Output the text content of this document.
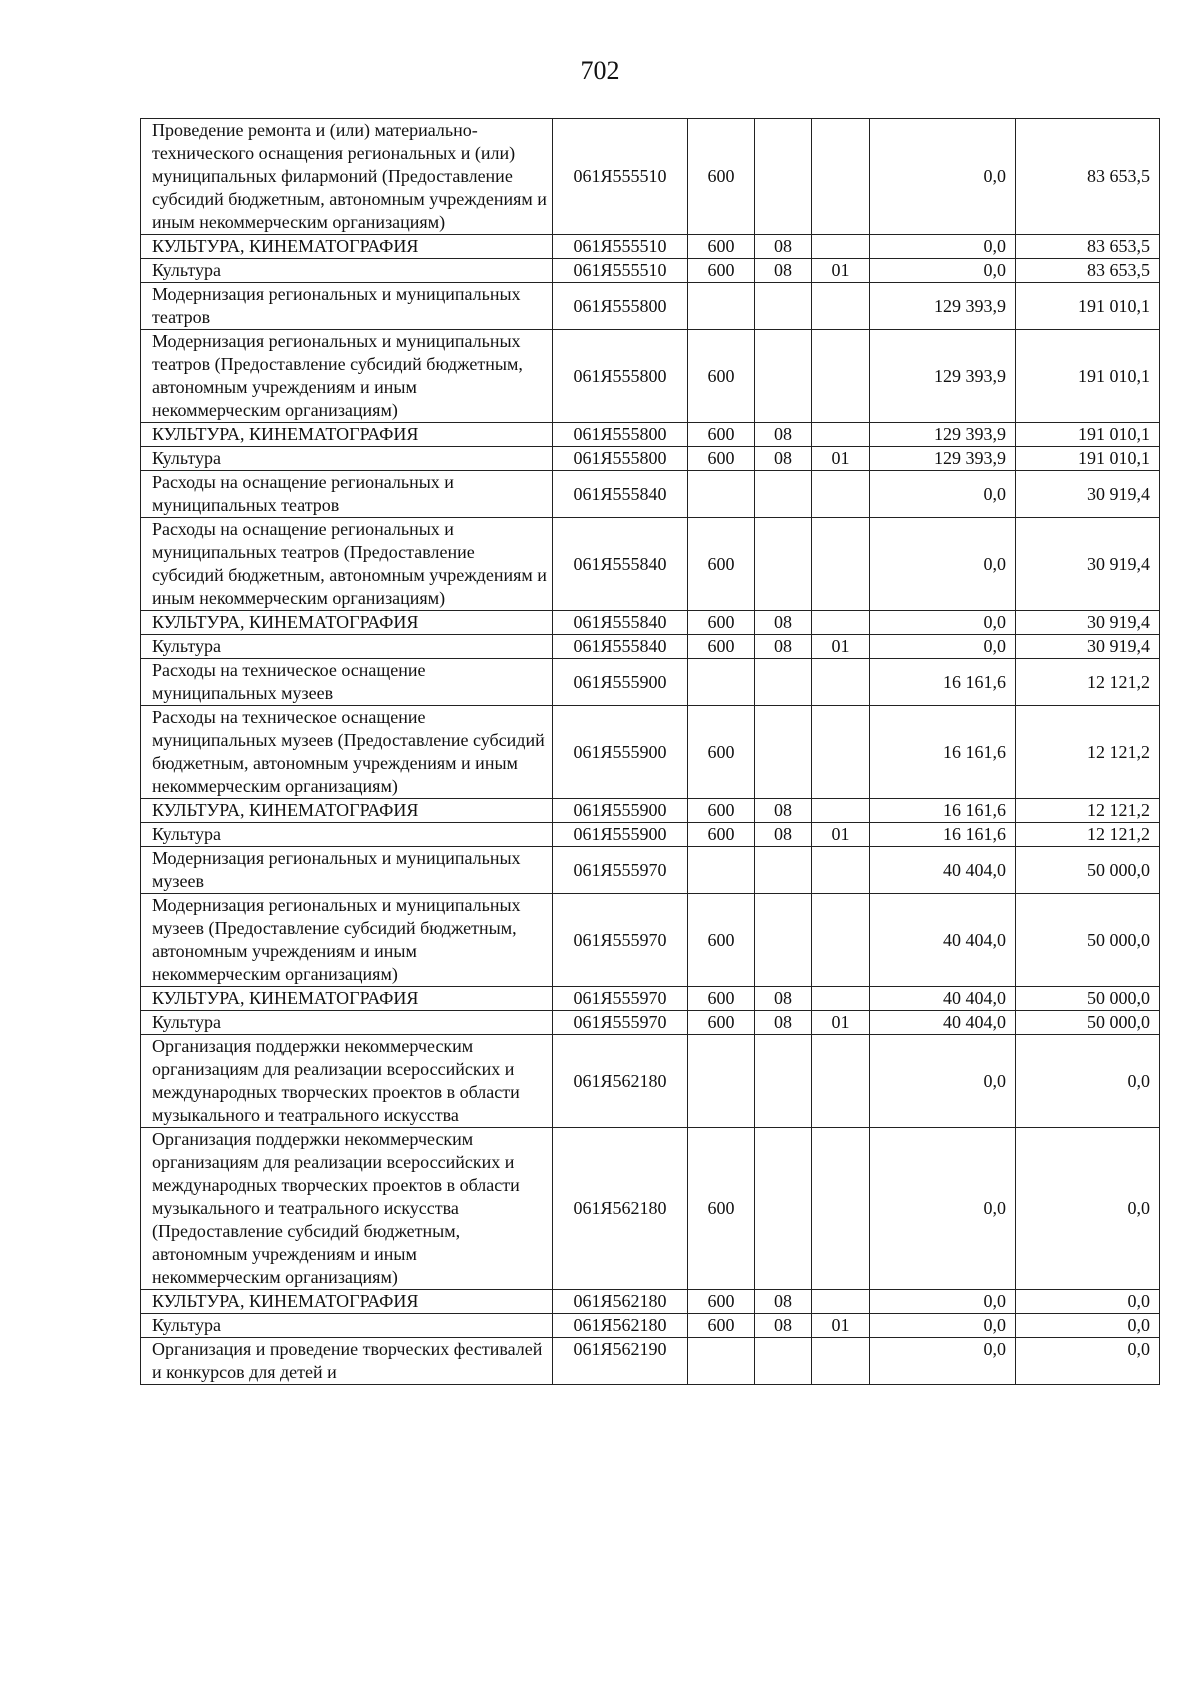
702
Проведение ремонта и (или) материально-технического оснащения региональных и (или) муниципальных филармоний (Предоставление субсидий бюджетным, автономным учреждениям и иным некоммерческим организациям)	061Я555510	600			0,0	83 653,5
КУЛЬТУРА, КИНЕМАТОГРАФИЯ	061Я555510	600	08		0,0	83 653,5
Культура	061Я555510	600	08	01	0,0	83 653,5
Модернизация региональных и муниципальных театров	061Я555800				129 393,9	191 010,1
Модернизация региональных и муниципальных театров (Предоставление субсидий бюджетным, автономным учреждениям и иным некоммерческим организациям)	061Я555800	600			129 393,9	191 010,1
КУЛЬТУРА, КИНЕМАТОГРАФИЯ	061Я555800	600	08		129 393,9	191 010,1
Культура	061Я555800	600	08	01	129 393,9	191 010,1
Расходы на оснащение региональных и муниципальных театров	061Я555840				0,0	30 919,4
Расходы на оснащение региональных и муниципальных театров (Предоставление субсидий бюджетным, автономным учреждениям и иным некоммерческим организациям)	061Я555840	600			0,0	30 919,4
КУЛЬТУРА, КИНЕМАТОГРАФИЯ	061Я555840	600	08		0,0	30 919,4
Культура	061Я555840	600	08	01	0,0	30 919,4
Расходы на техническое оснащение муниципальных музеев	061Я555900				16 161,6	12 121,2
Расходы на техническое оснащение муниципальных музеев (Предоставление субсидий бюджетным, автономным учреждениям и иным некоммерческим организациям)	061Я555900	600			16 161,6	12 121,2
КУЛЬТУРА, КИНЕМАТОГРАФИЯ	061Я555900	600	08		16 161,6	12 121,2
Культура	061Я555900	600	08	01	16 161,6	12 121,2
Модернизация региональных и муниципальных музеев	061Я555970				40 404,0	50 000,0
Модернизация региональных и муниципальных музеев (Предоставление субсидий бюджетным, автономным учреждениям и иным некоммерческим организациям)	061Я555970	600			40 404,0	50 000,0
КУЛЬТУРА, КИНЕМАТОГРАФИЯ	061Я555970	600	08		40 404,0	50 000,0
Культура	061Я555970	600	08	01	40 404,0	50 000,0
Организация поддержки некоммерческим организациям для реализации всероссийских и международных творческих проектов в области музыкального и театрального искусства	061Я562180				0,0	0,0
Организация поддержки некоммерческим организациям для реализации всероссийских и международных творческих проектов в области музыкального и театрального искусства (Предоставление субсидий бюджетным, автономным учреждениям и иным некоммерческим организациям)	061Я562180	600			0,0	0,0
КУЛЬТУРА, КИНЕМАТОГРАФИЯ	061Я562180	600	08		0,0	0,0
Культура	061Я562180	600	08	01	0,0	0,0
Организация и проведение творческих фестивалей и конкурсов для детей и	061Я562190				0,0	0,0
